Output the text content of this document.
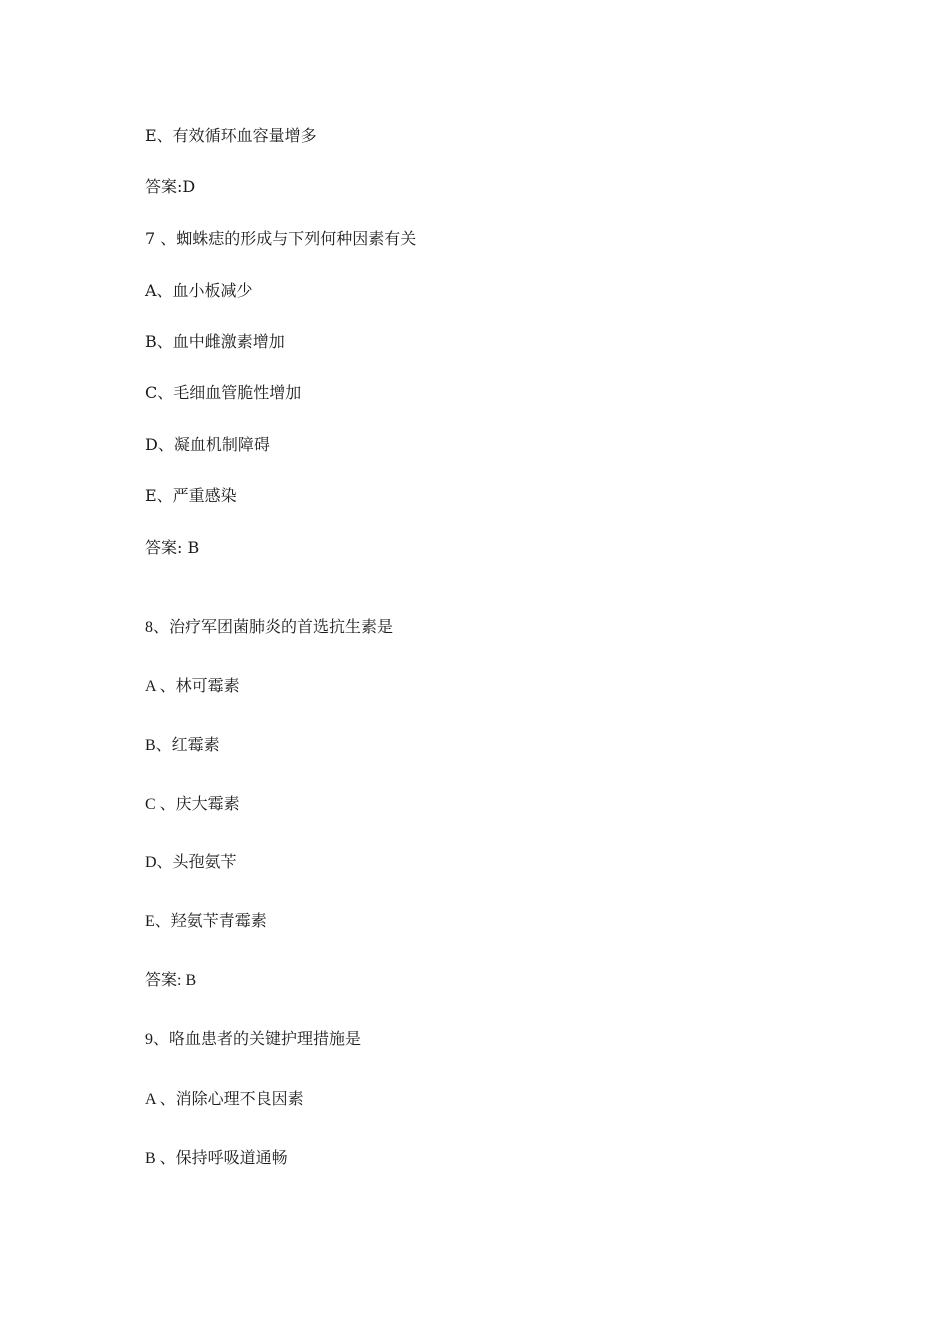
E、有效循环血容量增多
答案:D
7 、蜘蛛痣的形成与下列何种因素有关
A、血小板减少
B、血中雌激素增加
C、毛细血管脆性增加
D、凝血机制障碍
E、严重感染
答案: B
8、治疗军团菌肺炎的首选抗生素是
A 、林可霉素
B、红霉素
C 、庆大霉素
D、头孢氨苄
E、羟氨苄青霉素
答案: B
9、咯血患者的关键护理措施是
A 、消除心理不良因素
B 、保持呼吸道通畅
